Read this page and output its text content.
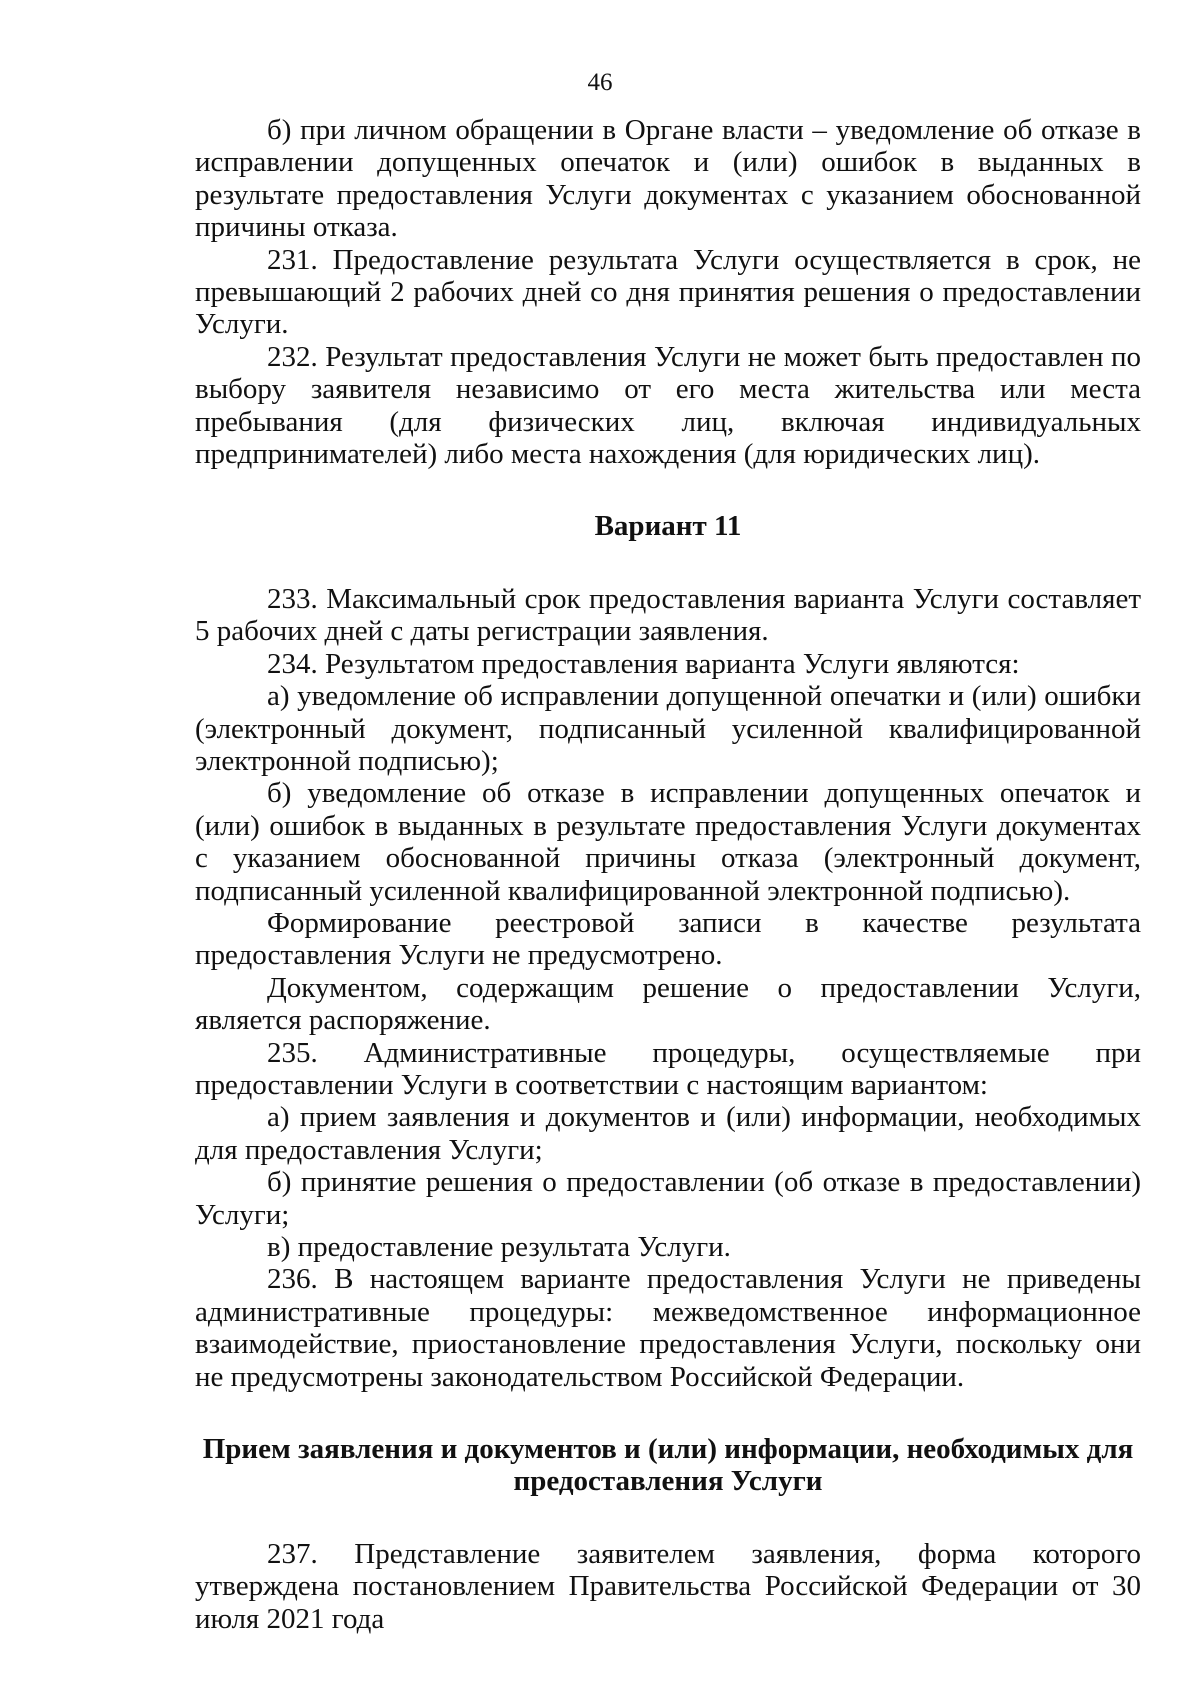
46

б) при личном обращении в Органе власти – уведомление об отказе в исправлении допущенных опечаток и (или) ошибок в выданных в результате предоставления Услуги документах с указанием обоснованной причины отказа.

231. Предоставление результата Услуги осуществляется в срок, не превышающий 2 рабочих дней со дня принятия решения о предоставлении Услуги.

232. Результат предоставления Услуги не может быть предоставлен по выбору заявителя независимо от его места жительства или места пребывания (для физических лиц, включая индивидуальных предпринимателей) либо места нахождения (для юридических лиц).

Вариант 11

233. Максимальный срок предоставления варианта Услуги составляет 5 рабочих дней с даты регистрации заявления.

234. Результатом предоставления варианта Услуги являются:

а) уведомление об исправлении допущенной опечатки и (или) ошибки (электронный документ, подписанный усиленной квалифицированной электронной подписью);

б) уведомление об отказе в исправлении допущенных опечаток и (или) ошибок в выданных в результате предоставления Услуги документах с указанием обоснованной причины отказа (электронный документ, подписанный усиленной квалифицированной электронной подписью).

Формирование реестровой записи в качестве результата предоставления Услуги не предусмотрено.

Документом, содержащим решение о предоставлении Услуги, является распоряжение.

235. Административные процедуры, осуществляемые при предоставлении Услуги в соответствии с настоящим вариантом:

а) прием заявления и документов и (или) информации, необходимых для предоставления Услуги;

б) принятие решения о предоставлении (об отказе в предоставлении) Услуги;

в) предоставление результата Услуги.

236. В настоящем варианте предоставления Услуги не приведены административные процедуры: межведомственное информационное взаимодействие, приостановление предоставления Услуги, поскольку они не предусмотрены законодательством Российской Федерации.

Прием заявления и документов и (или) информации, необходимых для предоставления Услуги

237. Представление заявителем заявления, форма которого утверждена постановлением Правительства Российской Федерации от 30 июля 2021 года
